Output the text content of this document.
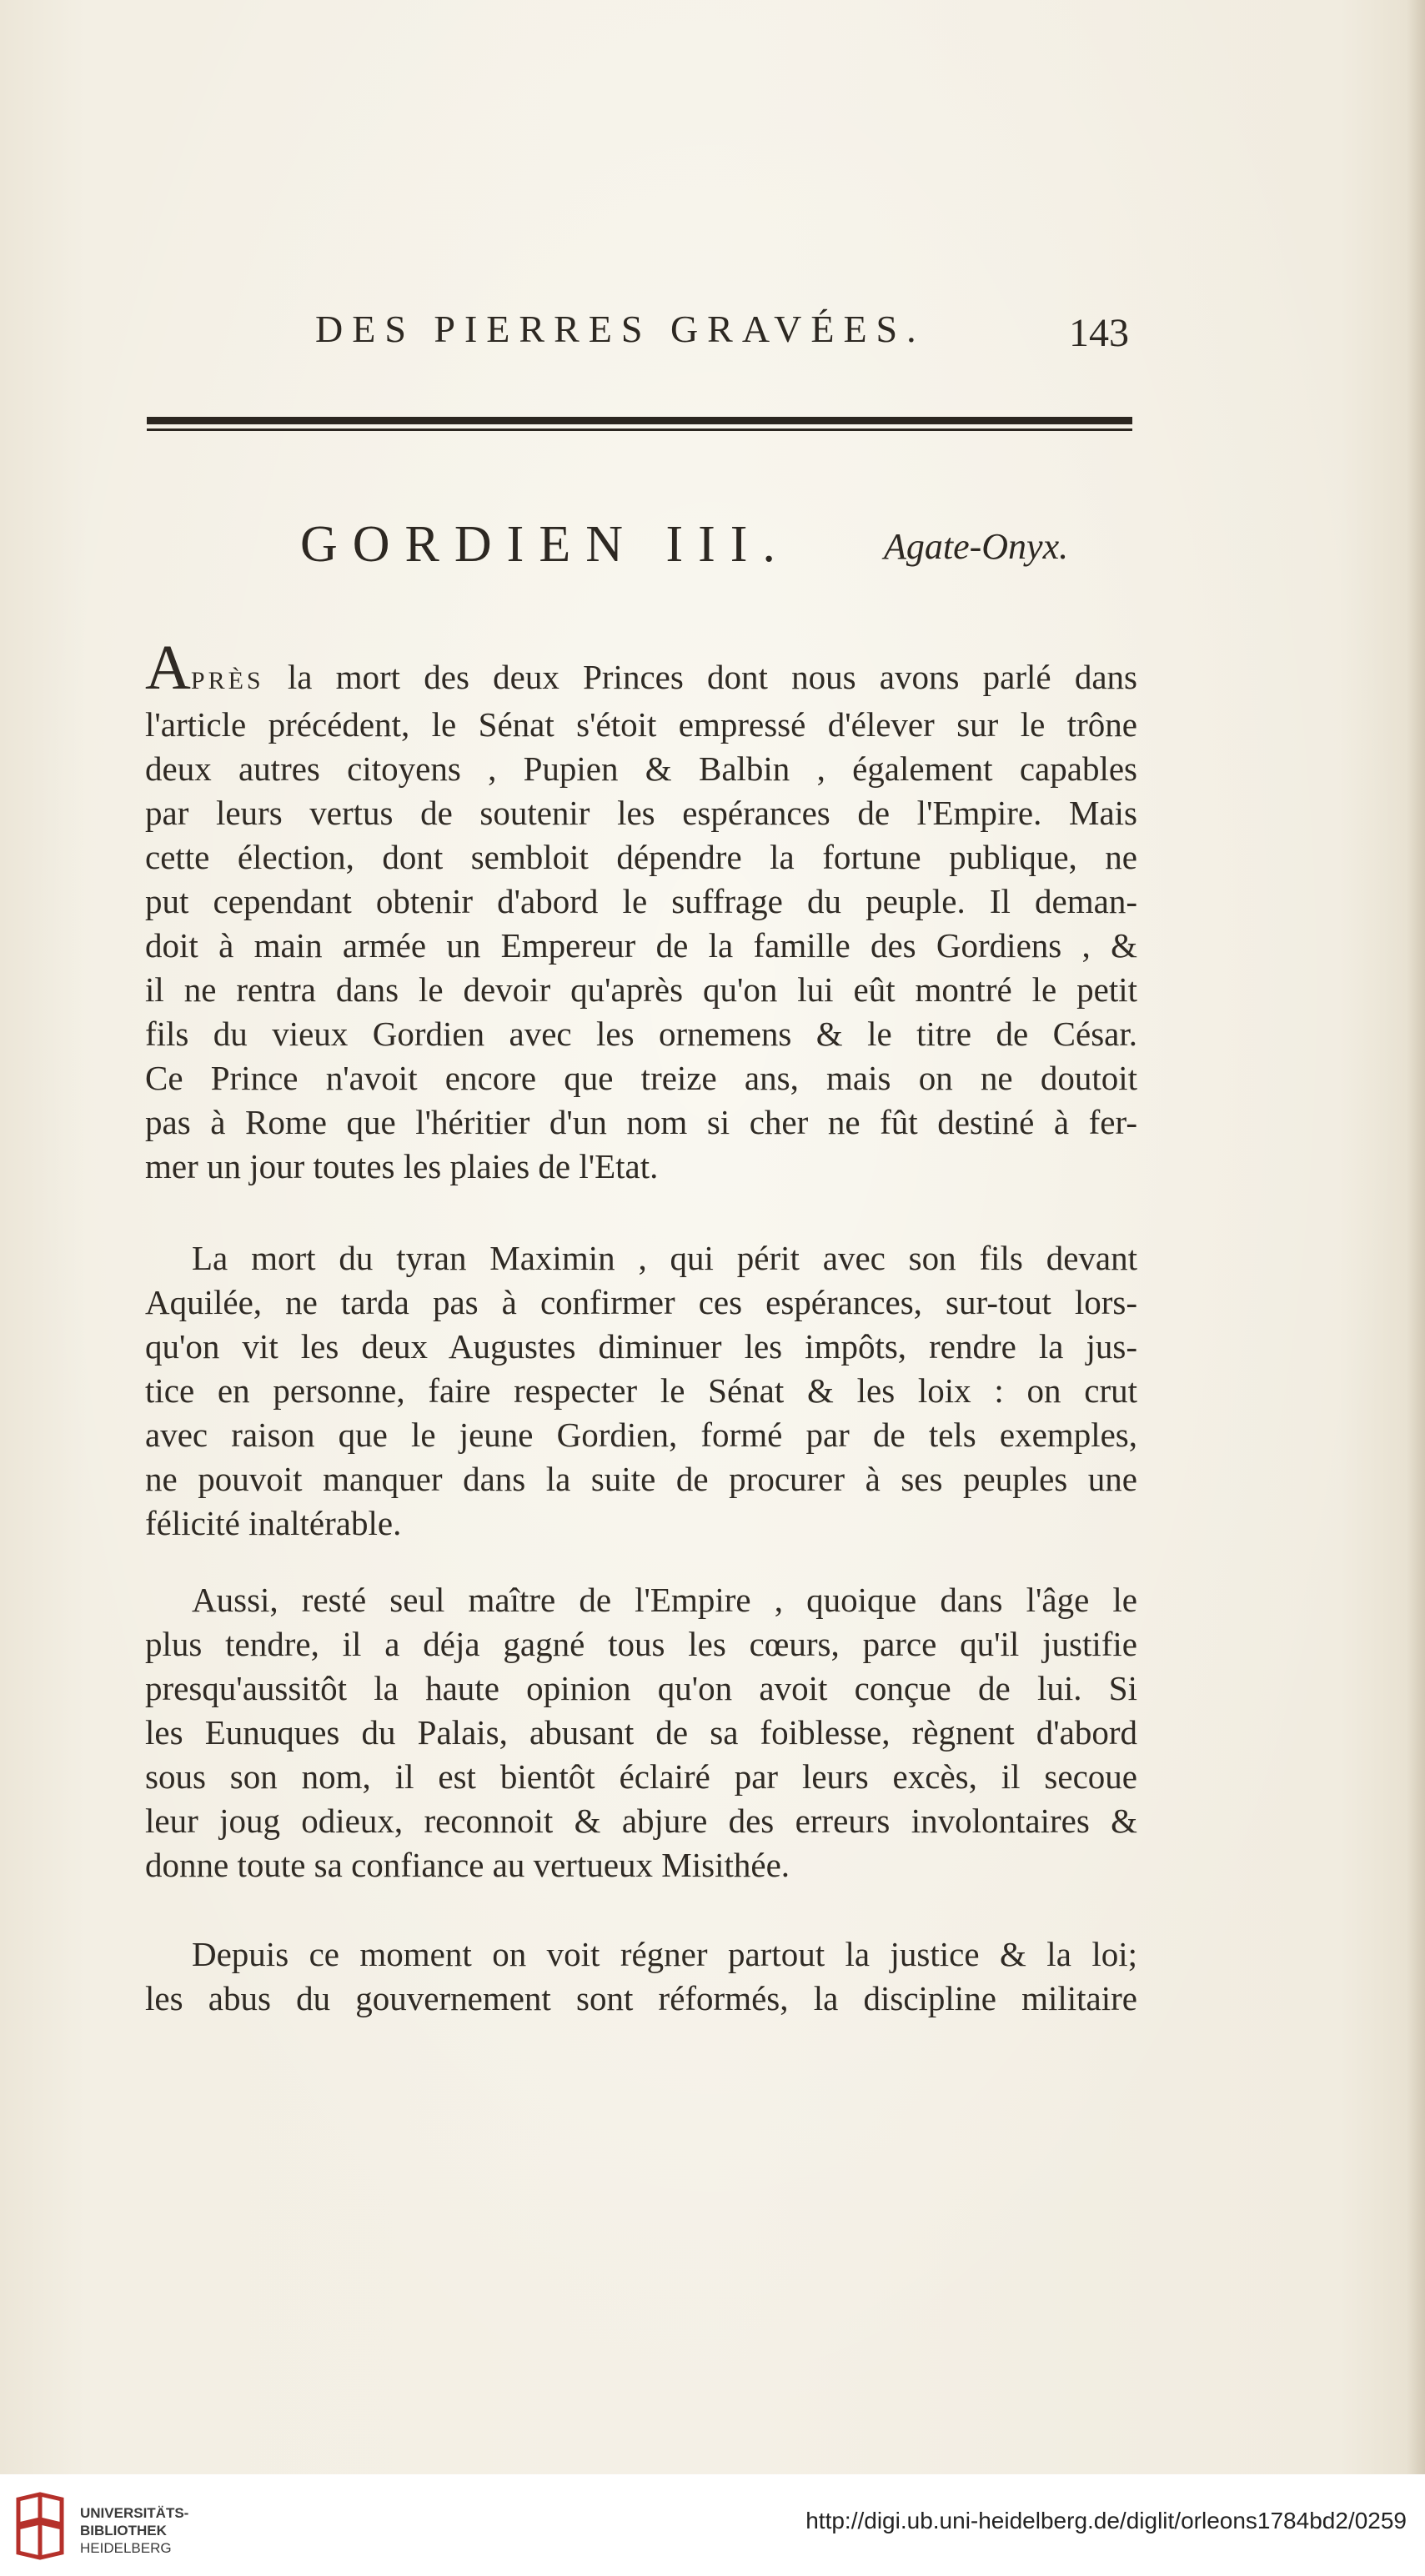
DES PIERRES GRAVÉES.	143
GORDIEN III.	Agate-Onyx.
APRÈS la mort des deux Princes dont nous avons parlé dans
l'article précédent, le Sénat s'étoit empressé d'élever sur le trône
deux autres citoyens , Pupien & Balbin , également capables
par leurs vertus de soutenir les espérances de l'Empire. Mais
cette élection, dont sembloit dépendre la fortune publique, ne
put cependant obtenir d'abord le suffrage du peuple. Il deman-
doit à main armée un Empereur de la famille des Gordiens , &
il ne rentra dans le devoir qu'après qu'on lui eût montré le petit
fils du vieux Gordien avec les ornemens & le titre de César.
Ce Prince n'avoit encore que treize ans, mais on ne doutoit
pas à Rome que l'héritier d'un nom si cher ne fût destiné à fer-
mer un jour toutes les plaies de l'Etat.
La mort du tyran Maximin , qui périt avec son fils devant
Aquilée, ne tarda pas à confirmer ces espérances, sur-tout lors-
qu'on vit les deux Augustes diminuer les impôts, rendre la jus-
tice en personne, faire respecter le Sénat & les loix : on crut
avec raison que le jeune Gordien, formé par de tels exemples,
ne pouvoit manquer dans la suite de procurer à ses peuples une
félicité inaltérable.
Aussi, resté seul maître de l'Empire , quoique dans l'âge le
plus tendre, il a déja gagné tous les cœurs, parce qu'il justifie
presqu'aussitôt la haute opinion qu'on avoit conçue de lui. Si
les Eunuques du Palais, abusant de sa foiblesse, règnent d'abord
sous son nom, il est bientôt éclairé par leurs excès, il secoue
leur joug odieux, reconnoit & abjure des erreurs involontaires &
donne toute sa confiance au vertueux Misithée.
Depuis ce moment on voit régner partout la justice & la loi;
les abus du gouvernement sont réformés, la discipline militaire
UNIVERSITÄTS-
BIBLIOTHEK
HEIDELBERG
http://digi.ub.uni-heidelberg.de/diglit/orleons1784bd2/0259
